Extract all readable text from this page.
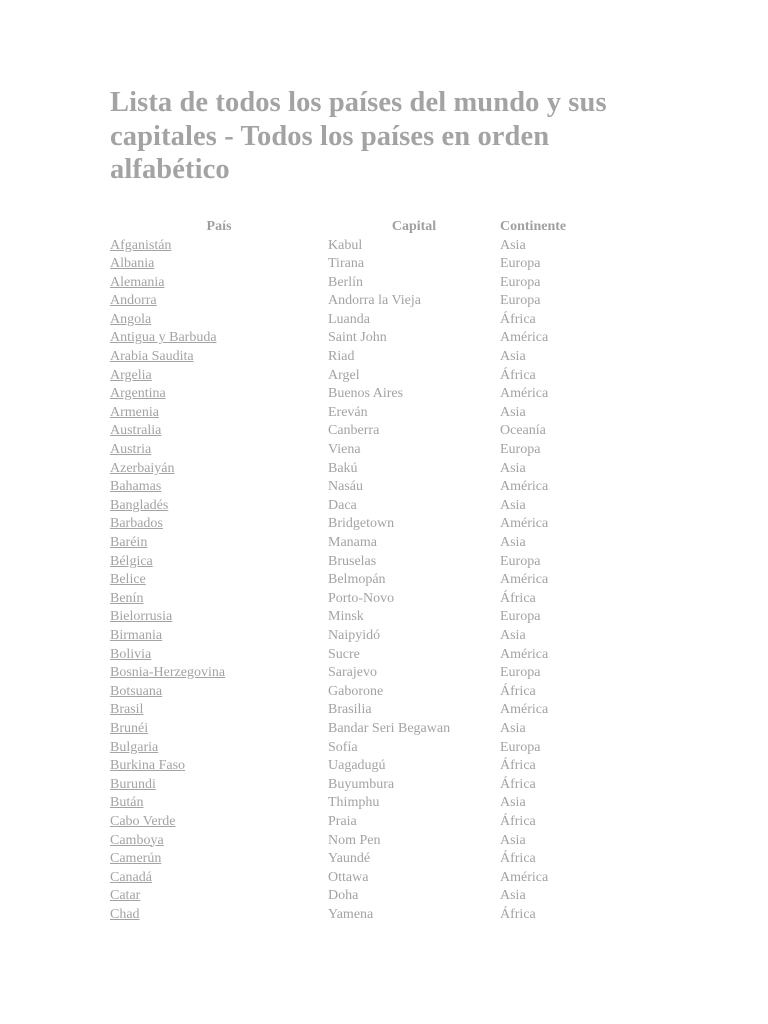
Lista de todos los países del mundo y sus capitales - Todos los países en orden alfabético
País	Capital	Continente
Afganistán	Kabul	Asia
Albania	Tirana	Europa
Alemania	Berlín	Europa
Andorra	Andorra la Vieja	Europa
Angola	Luanda	África
Antigua y Barbuda	Saint John	América
Arabia Saudita	Riad	Asia
Argelia	Argel	África
Argentina	Buenos Aires	América
Armenia	Ereván	Asia
Australia	Canberra	Oceanía
Austria	Viena	Europa
Azerbaiyán	Bakú	Asia
Bahamas	Nasáu	América
Bangladés	Daca	Asia
Barbados	Bridgetown	América
Baréin	Manama	Asia
Bélgica	Bruselas	Europa
Belice	Belmopán	América
Benín	Porto-Novo	África
Bielorrusia	Minsk	Europa
Birmania	Naipyidó	Asia
Bolivia	Sucre	América
Bosnia-Herzegovina	Sarajevo	Europa
Botsuana	Gaborone	África
Brasil	Brasilia	América
Brunéi	Bandar Seri Begawan	Asia
Bulgaria	Sofía	Europa
Burkina Faso	Uagadugú	África
Burundi	Buyumbura	África
Bután	Thimphu	Asia
Cabo Verde	Praia	África
Camboya	Nom Pen	Asia
Camerún	Yaundé	África
Canadá	Ottawa	América
Catar	Doha	Asia
Chad	Yamena	África
